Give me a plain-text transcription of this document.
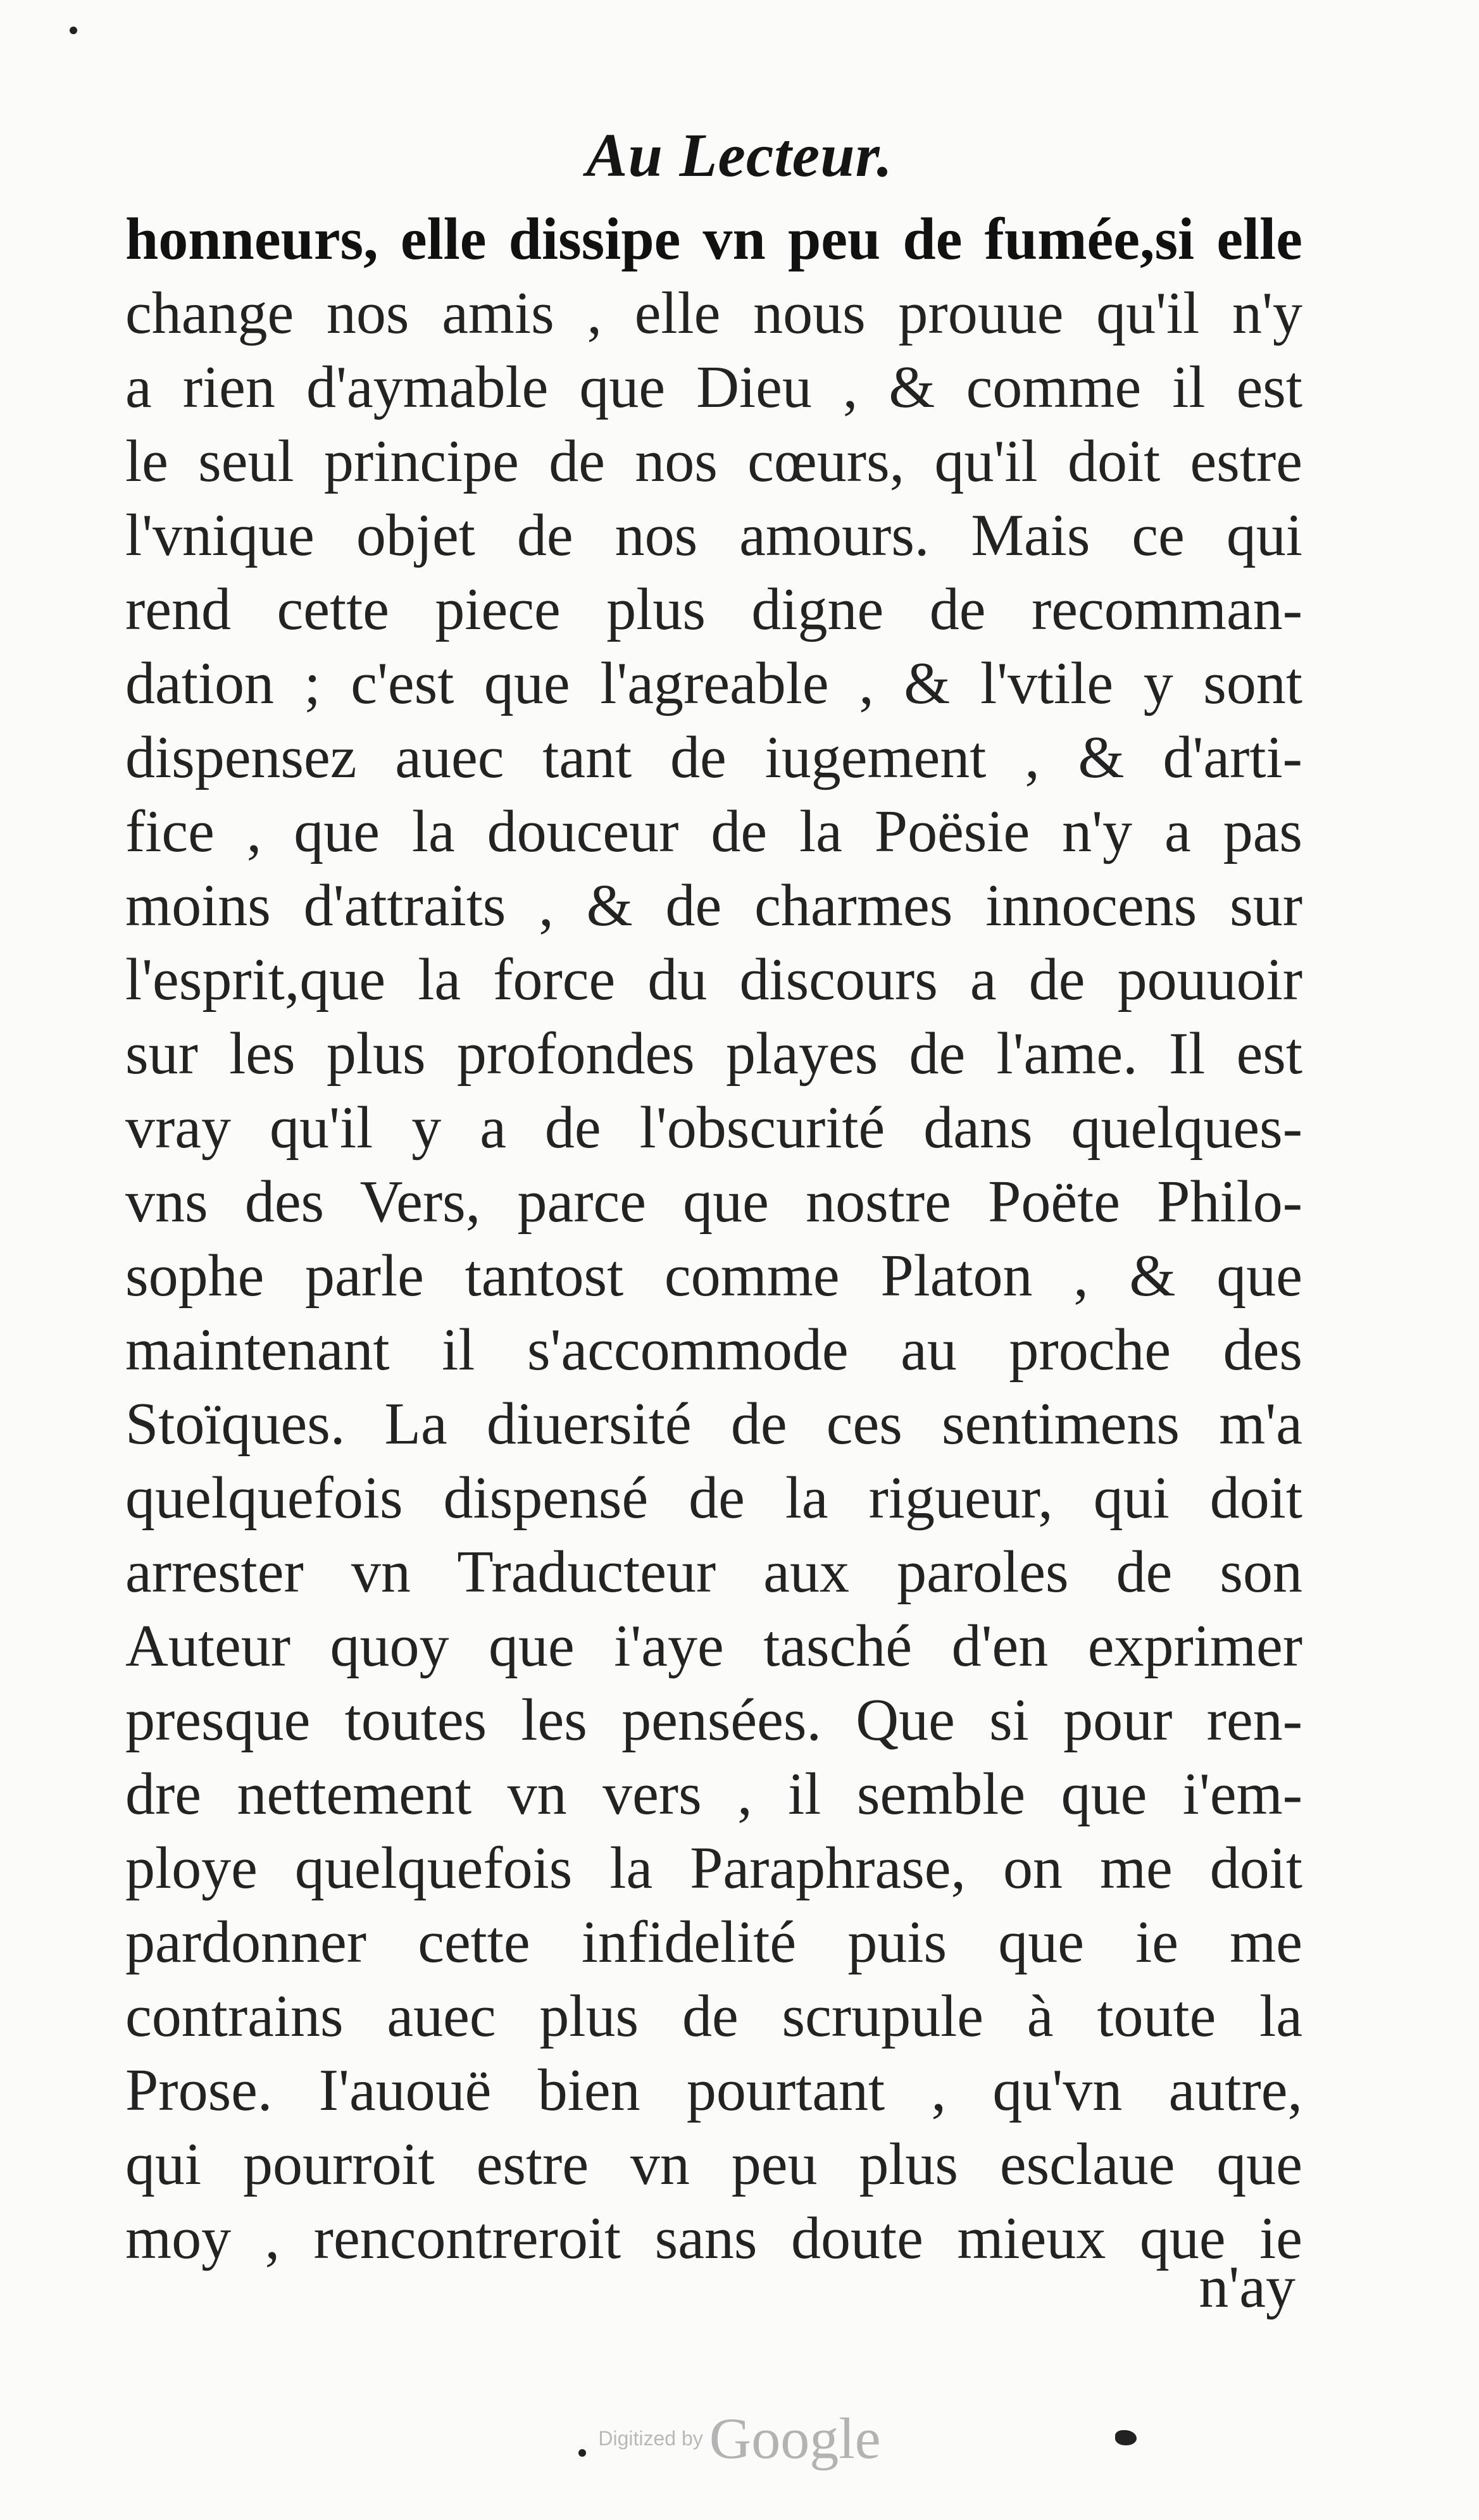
Au Lecteur.
honneurs, elle dissipe vn peu de fumée,si elle
change nos amis , elle nous prouue qu'il n'y
a rien d'aymable que Dieu , & comme il est
le seul principe de nos cœurs, qu'il doit estre
l'vnique objet de nos amours. Mais ce qui
rend cette piece plus digne de recomman-
dation ; c'est que l'agreable , & l'vtile y sont
dispensez auec tant de iugement , & d'arti-
fice , que la douceur de la Poësie n'y a pas
moins d'attraits , & de charmes innocens sur
l'esprit,que la force du discours a de pouuoir
sur les plus profondes playes de l'ame. Il est
vray qu'il y a de l'obscurité dans quelques-
vns des Vers, parce que nostre Poëte Philo-
sophe parle tantost comme Platon , & que
maintenant il s'accommode au proche des
Stoïques. La diuersité de ces sentimens m'a
quelquefois dispensé de la rigueur, qui doit
arrester vn Traducteur aux paroles de son
Auteur quoy que i'aye tasché d'en exprimer
presque toutes les pensées. Que si pour ren-
dre nettement vn vers , il semble que i'em-
ploye quelquefois la Paraphrase, on me doit
pardonner cette infidelité puis que ie me
contrains auec plus de scrupule à toute la
Prose. I'auouë bien pourtant , qu'vn autre,
qui pourroit estre vn peu plus esclaue que
moy , rencontreroit sans doute mieux que ie
n'ay
Digitized by Google
